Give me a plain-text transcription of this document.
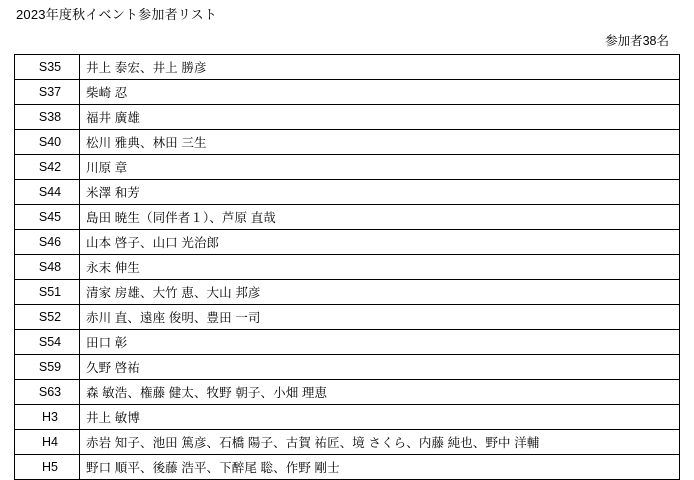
2023年度秋イベント参加者リスト
参加者38名
S35	井上 泰宏、井上 勝彦
S37	柴崎 忍
S38	福井 廣雄
S40	松川 雅典、林田 三生
S42	川原 章
S44	米澤 和芳
S45	島田 暁生（同伴者１）、芦原 直哉
S46	山本 啓子、山口 光治郎
S48	永末 伸生
S51	清家 房雄、大竹 恵、大山 邦彦
S52	赤川 直、遠座 俊明、豊田 一司
S54	田口 彰
S59	久野 啓祐
S63	森 敏浩、権藤 健太、牧野 朝子、小畑 理恵
H3	井上 敏博
H4	赤岩 知子、池田 篤彦、石橋 陽子、古賀 祐匠、境 さくら、内藤 純也、野中 洋輔
H5	野口 順平、後藤 浩平、下醉尾 聡、作野 剛士
